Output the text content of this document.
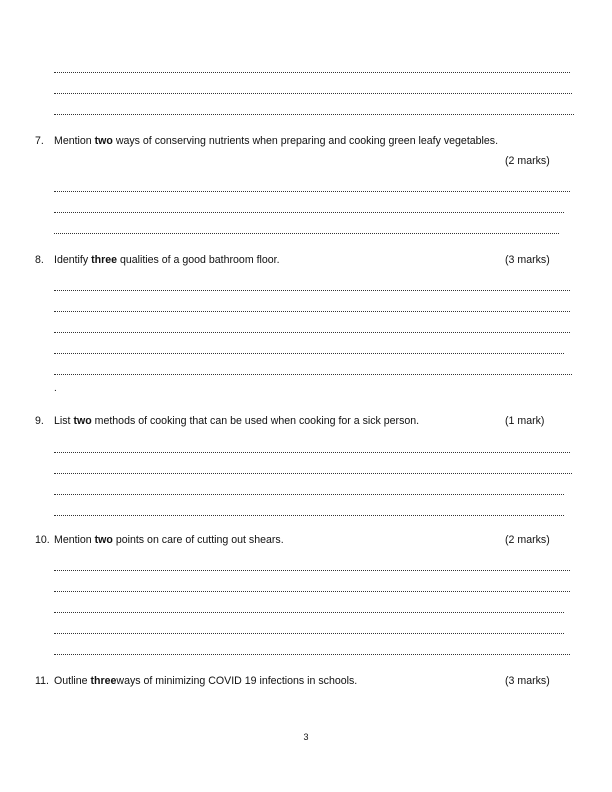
7. Mention two ways of conserving nutrients when preparing and cooking green leafy vegetables.
(2 marks)
8. Identify three qualities of a good bathroom floor.	(3 marks)
.
9. List two methods of cooking that can be used when cooking for a sick person.	(1 mark)
10. Mention two points on care of cutting out shears.	(2 marks)
11. Outline threeways of minimizing COVID 19 infections in schools.	(3 marks)
3
